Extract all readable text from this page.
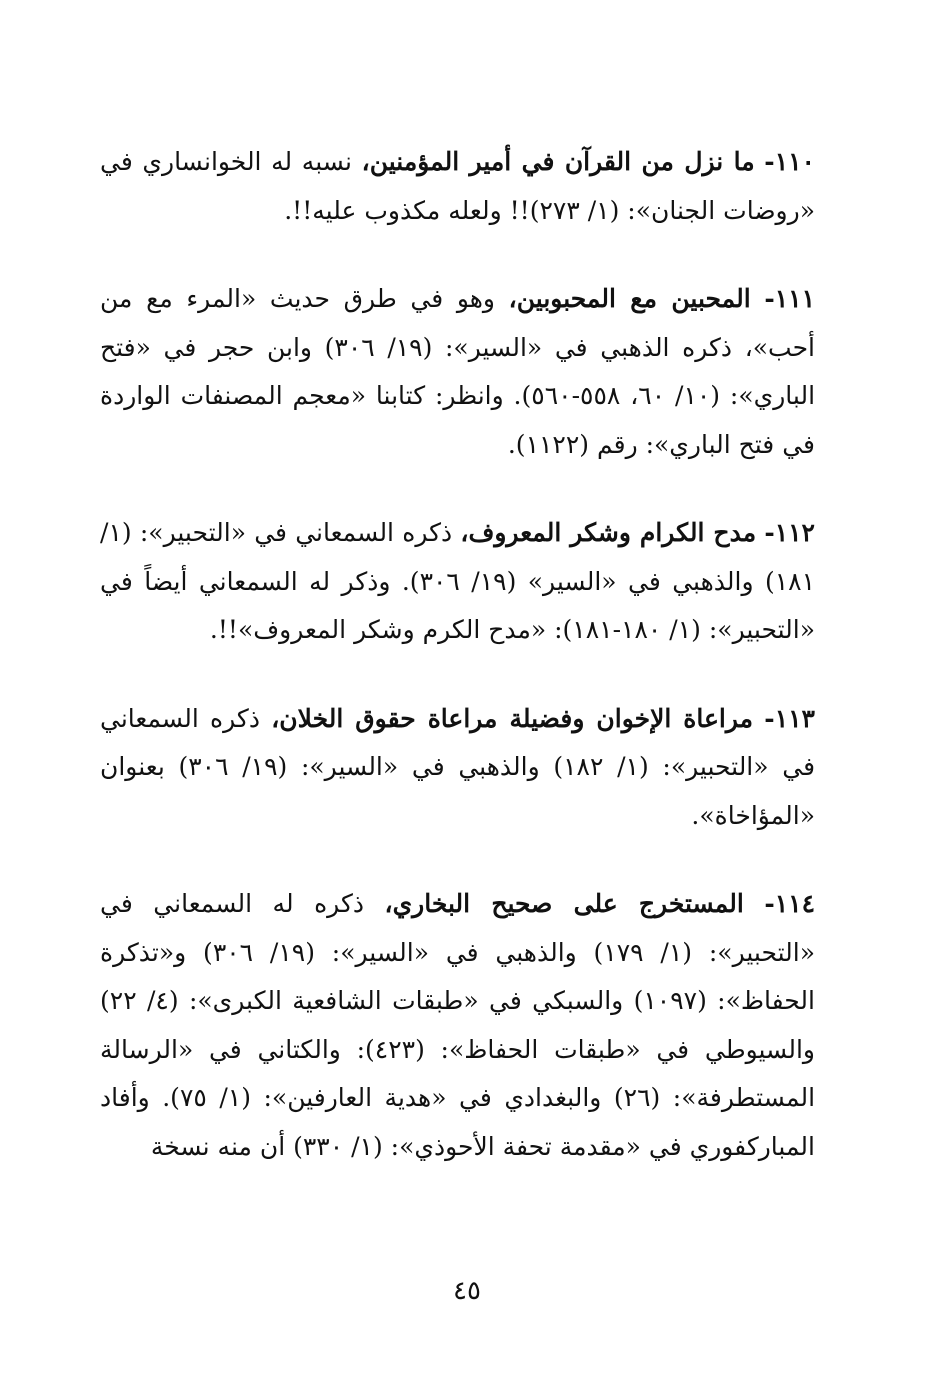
١١٠- ما نزل من القرآن في أمير المؤمنين، نسبه له الخوانساري في «روضات الجنان»: (١/ ٢٧٣)!! ولعله مكذوب عليه!!.

١١١- المحبين مع المحبوبين، وهو في طرق حديث «المرء مع من أحب»، ذكره الذهبي في «السير»: (١٩/ ٣٠٦) وابن حجر في «فتح الباري»: (١٠/ ٦٠، ٥٥٨-٥٦٠). وانظر: كتابنا «معجم المصنفات الواردة في فتح الباري»: رقم (١١٢٢).

١١٢- مدح الكرام وشكر المعروف، ذكره السمعاني في «التحبير»: (١/ ١٨١) والذهبي في «السير» (١٩/ ٣٠٦). وذكر له السمعاني أيضاً في «التحبير»: (١/ ١٨٠-١٨١): «مدح الكرم وشكر المعروف»!!.

١١٣- مراعاة الإخوان وفضيلة مراعاة حقوق الخلان، ذكره السمعاني في «التحبير»: (١/ ١٨٢) والذهبي في «السير»: (١٩/ ٣٠٦) بعنوان «المؤاخاة».

١١٤- المستخرج على صحيح البخاري، ذكره له السمعاني في «التحبير»: (١/ ١٧٩) والذهبي في «السير»: (١٩/ ٣٠٦) و«تذكرة الحفاظ»: (١٠٩٧) والسبكي في «طبقات الشافعية الكبرى»: (٤/ ٢٢) والسيوطي في «طبقات الحفاظ»: (٤٢٣): والكتاني في «الرسالة المستطرفة»: (٢٦) والبغدادي في «هدية العارفين»: (١/ ٧٥). وأفاد المباركفوري في «مقدمة تحفة الأحوذي»: (١/ ٣٣٠) أن منه نسخة

٤٥
